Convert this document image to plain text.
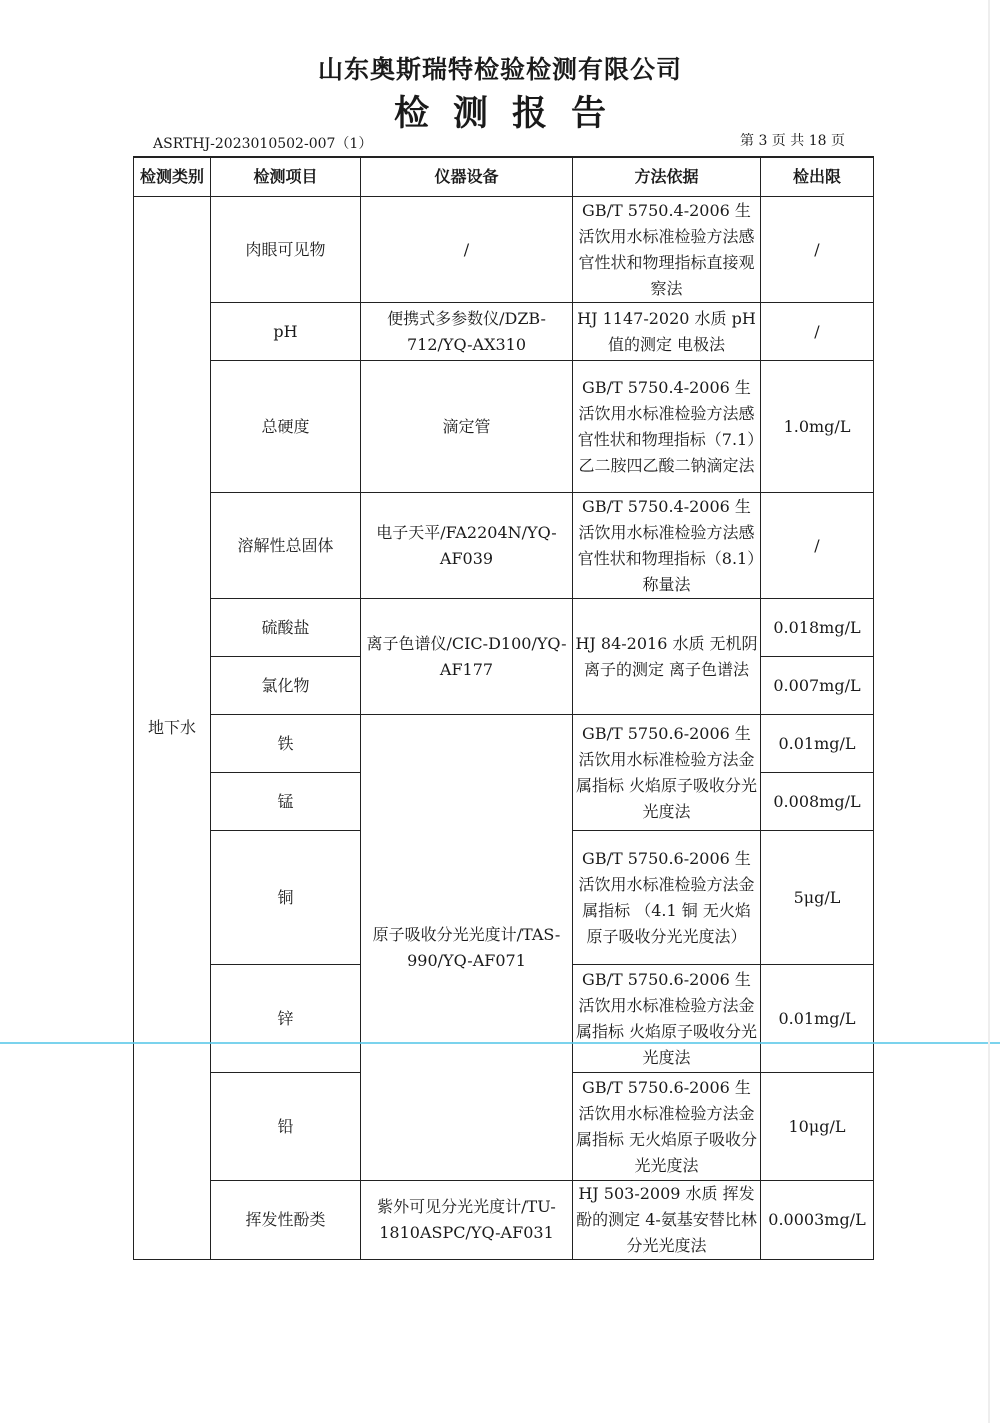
山东奥斯瑞特检验检测有限公司
检测报告
ASRTHJ-2023010502-007（1）	第 3 页 共 18 页
检测类别	检测项目	仪器设备	方法依据	检出限
地下水	肉眼可见物	/	GB/T 5750.4-2006 生活饮用水标准检验方法感官性状和物理指标直接观察法	/
	pH	便携式多参数仪/DZB-712/YQ-AX310	HJ 1147-2020 水质 pH值的测定 电极法	/
	总硬度	滴定管	GB/T 5750.4-2006 生活饮用水标准检验方法感官性状和物理指标（7.1）乙二胺四乙酸二钠滴定法	1.0mg/L
	溶解性总固体	电子天平/FA2204N/YQ-AF039	GB/T 5750.4-2006 生活饮用水标准检验方法感官性状和物理指标（8.1）称量法	/
	硫酸盐	离子色谱仪/CIC-D100/YQ-AF177	HJ 84-2016 水质 无机阴离子的测定 离子色谱法	0.018mg/L
	氯化物			0.007mg/L
	铁	原子吸收分光光度计/TAS-990/YQ-AF071	GB/T 5750.6-2006 生活饮用水标准检验方法金属指标 火焰原子吸收分光光度法	0.01mg/L
	锰			0.008mg/L
	铜		GB/T 5750.6-2006 生活饮用水标准检验方法金属指标 （4.1 铜 无火焰原子吸收分光光度法）	5μg/L
	锌		GB/T 5750.6-2006 生活饮用水标准检验方法金属指标 火焰原子吸收分光光度法	0.01mg/L
	铅		GB/T 5750.6-2006 生活饮用水标准检验方法金属指标 无火焰原子吸收分光光度法	10μg/L
	挥发性酚类	紫外可见分光光度计/TU-1810ASPC/YQ-AF031	HJ 503-2009 水质 挥发酚的测定 4-氨基安替比林分光光度法	0.0003mg/L
